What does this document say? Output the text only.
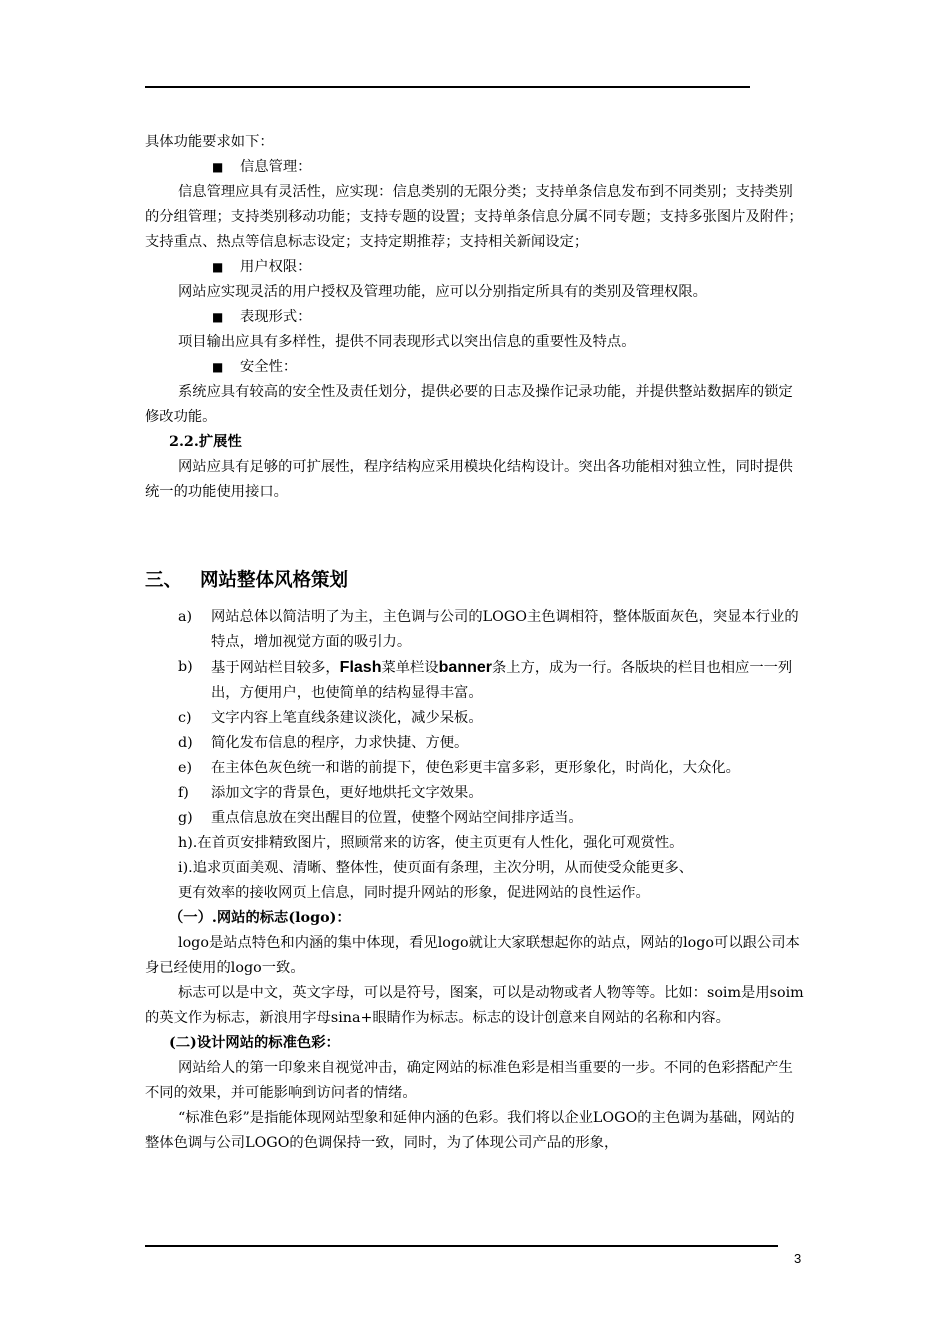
具体功能要求如下：

■ 信息管理：

信息管理应具有灵活性，应实现：信息类别的无限分类；支持单条信息发布到不同类别；支持类别的分组管理；支持类别移动功能；支持专题的设置；支持单条信息分属不同专题；支持多张图片及附件；支持重点、热点等信息标志设定；支持定期推荐；支持相关新闻设定；

■ 用户权限：

网站应实现灵活的用户授权及管理功能，应可以分别指定所具有的类别及管理权限。

■ 表现形式：

项目输出应具有多样性，提供不同表现形式以突出信息的重要性及特点。

■ 安全性：

系统应具有较高的安全性及责任划分，提供必要的日志及操作记录功能，并提供整站数据库的锁定修改功能。

2.2.扩展性

网站应具有足够的可扩展性，程序结构应采用模块化结构设计。突出各功能相对独立性，同时提供统一的功能使用接口。

三、 网站整体风格策划

a) 网站总体以简洁明了为主，主色调与公司的LOGO主色调相符，整体版面灰色，突显本行业的特点，增加视觉方面的吸引力。

b) 基于网站栏目较多，Flash菜单栏设banner条上方，成为一行。各版块的栏目也相应一一列出，方便用户，也使简单的结构显得丰富。

c) 文字内容上笔直线条建议淡化，减少呆板。

d) 简化发布信息的程序，力求快捷、方便。

e) 在主体色灰色统一和谐的前提下，使色彩更丰富多彩，更形象化，时尚化，大众化。

f) 添加文字的背景色，更好地烘托文字效果。

g) 重点信息放在突出醒目的位置，使整个网站空间排序适当。

h).在首页安排精致图片，照顾常来的访客，使主页更有人性化，强化可观赏性。

i).追求页面美观、清晰、整体性，使页面有条理，主次分明，从而使受众能更多、

更有效率的接收网页上信息，同时提升网站的形象，促进网站的良性运作。

（一）.网站的标志(logo)：

logo是站点特色和内涵的集中体现，看见logo就让大家联想起你的站点，网站的logo可以跟公司本身已经使用的logo一致。

标志可以是中文，英文字母，可以是符号，图案，可以是动物或者人物等等。比如：soim是用soim的英文作为标志，新浪用字母sina+眼睛作为标志。标志的设计创意来自网站的名称和内容。

(二)设计网站的标准色彩：

网站给人的第一印象来自视觉冲击，确定网站的标准色彩是相当重要的一步。不同的色彩搭配产生不同的效果，并可能影响到访问者的情绪。

“标准色彩”是指能体现网站型象和延伸内涵的色彩。我们将以企业LOGO的主色调为基础，网站的整体色调与公司LOGO的色调保持一致，同时，为了体现公司产品的形象，

3
